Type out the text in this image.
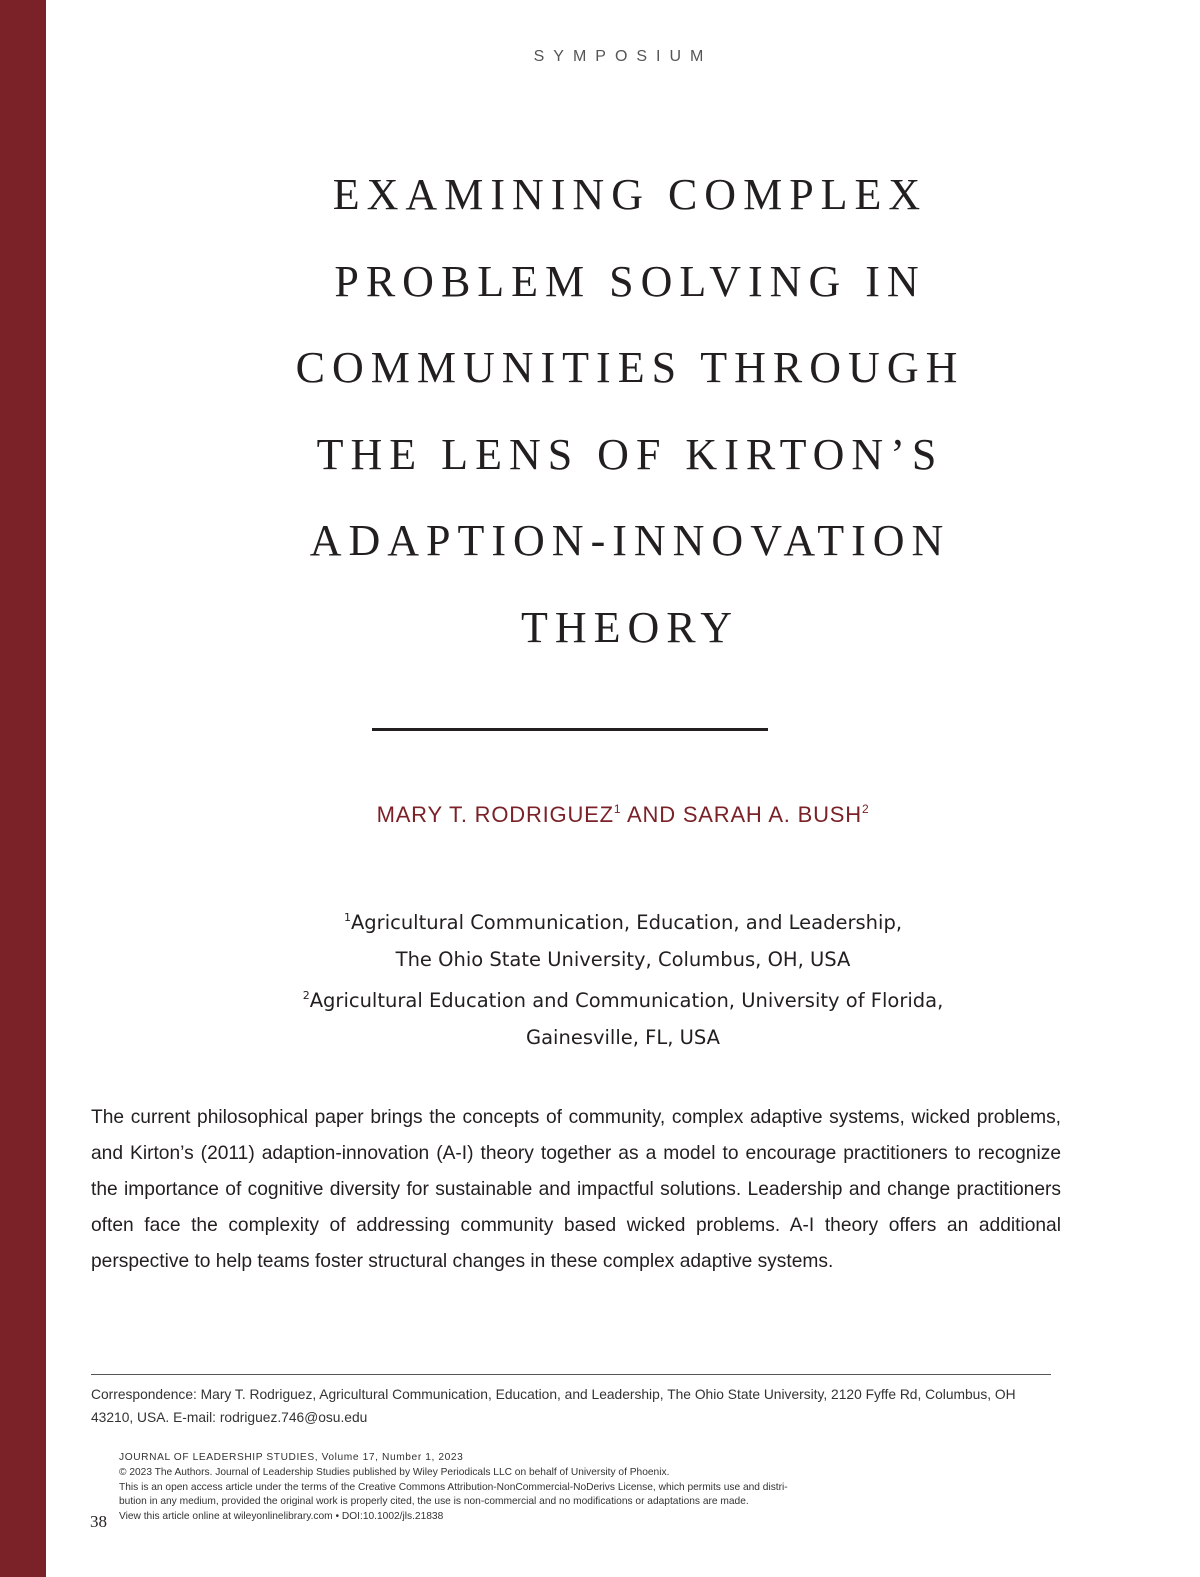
SYMPOSIUM
EXAMINING COMPLEX
PROBLEM SOLVING IN
COMMUNITIES THROUGH
THE LENS OF KIRTON’S
ADAPTION-INNOVATION
THEORY
MARY T. RODRIGUEZ$^1$ AND SARAH A. BUSH$^2$
$^1$Agricultural Communication, Education, and Leadership,
The Ohio State University, Columbus, OH, USA
$^2$Agricultural Education and Communication, University of Florida,
Gainesville, FL, USA

The current philosophical paper brings the concepts of community, complex adaptive systems, wicked problems, and Kirton’s (2011) adaption-innovation (A-I) theory together as a model to encourage practitioners to recognize the importance of cognitive diversity for sustainable and impactful solutions. Leadership and change practitioners often face the complexity of addressing community based wicked problems. A-I theory offers an additional perspective to help teams foster structural changes in these complex adaptive systems.

Correspondence: Mary T. Rodriguez, Agricultural Communication, Education, and Leadership, The Ohio State University, 2120 Fyffe Rd, Columbus, OH 43210, USA. E-mail: rodriguez.746@osu.edu

JOURNAL OF LEADERSHIP STUDIES, Volume 17, Number 1, 2023
© 2023 The Authors. Journal of Leadership Studies published by Wiley Periodicals LLC on behalf of University of Phoenix.
This is an open access article under the terms of the Creative Commons Attribution-NonCommercial-NoDerivs License, which permits use and distri-
bution in any medium, provided the original work is properly cited, the use is non-commercial and no modifications or adaptations are made.
View this article online at wileyonlinelibrary.com • DOI:10.1002/jls.21838
38
